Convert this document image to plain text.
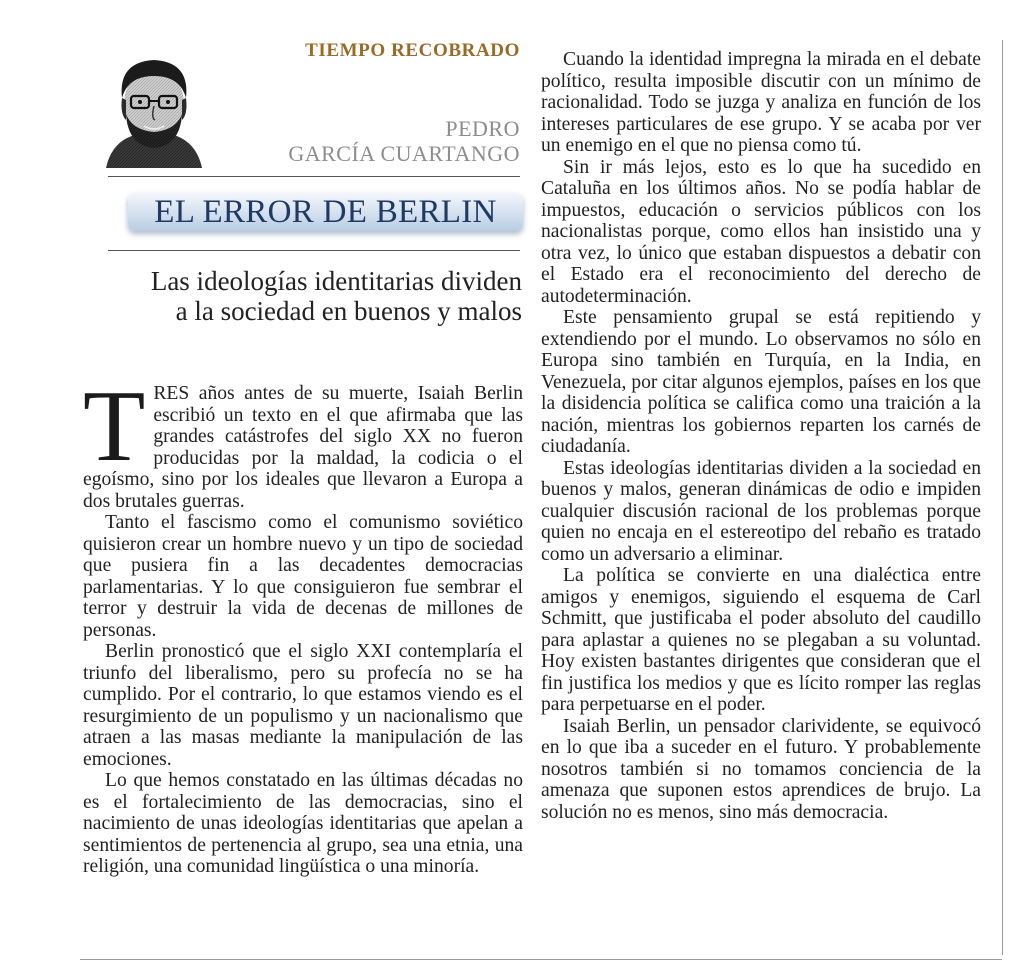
TIEMPO RECOBRADO
PEDRO
GARCÍA CUARTANGO
EL ERROR DE BERLIN
Las ideologías identitarias dividen
a la sociedad en buenos y malos

TRES años antes de su muerte, Isaiah Berlin escribió un texto en el que afirmaba que las grandes catástrofes del siglo XX no fueron producidas por la maldad, la codicia o el egoísmo, sino por los ideales que llevaron a Europa a dos brutales guerras.

Tanto el fascismo como el comunismo soviético quisieron crear un hombre nuevo y un tipo de sociedad que pusiera fin a las decadentes democracias parlamentarias. Y lo que consiguieron fue sembrar el terror y destruir la vida de decenas de millones de personas.

Berlin pronosticó que el siglo XXI contemplaría el triunfo del liberalismo, pero su profecía no se ha cumplido. Por el contrario, lo que estamos viendo es el resurgimiento de un populismo y un nacionalismo que atraen a las masas mediante la manipulación de las emociones.

Lo que hemos constatado en las últimas décadas no es el fortalecimiento de las democracias, sino el nacimiento de unas ideologías identitarias que apelan a sentimientos de pertenencia al grupo, sea una etnia, una religión, una comunidad lingüística o una minoría.

Cuando la identidad impregna la mirada en el debate político, resulta imposible discutir con un mínimo de racionalidad. Todo se juzga y analiza en función de los intereses particulares de ese grupo. Y se acaba por ver un enemigo en el que no piensa como tú.

Sin ir más lejos, esto es lo que ha sucedido en Cataluña en los últimos años. No se podía hablar de impuestos, educación o servicios públicos con los nacionalistas porque, como ellos han insistido una y otra vez, lo único que estaban dispuestos a debatir con el Estado era el reconocimiento del derecho de autodeterminación.

Este pensamiento grupal se está repitiendo y extendiendo por el mundo. Lo observamos no sólo en Europa sino también en Turquía, en la India, en Venezuela, por citar algunos ejemplos, países en los que la disidencia política se califica como una traición a la nación, mientras los gobiernos reparten los carnés de ciudadanía.

Estas ideologías identitarias dividen a la sociedad en buenos y malos, generan dinámicas de odio e impiden cualquier discusión racional de los problemas porque quien no encaja en el estereotipo del rebaño es tratado como un adversario a eliminar.

La política se convierte en una dialéctica entre amigos y enemigos, siguiendo el esquema de Carl Schmitt, que justificaba el poder absoluto del caudillo para aplastar a quienes no se plegaban a su voluntad. Hoy existen bastantes dirigentes que consideran que el fin justifica los medios y que es lícito romper las reglas para perpetuarse en el poder.

Isaiah Berlin, un pensador clarividente, se equivocó en lo que iba a suceder en el futuro. Y probablemente nosotros también si no tomamos conciencia de la amenaza que suponen estos aprendices de brujo. La solución no es menos, sino más democracia.
